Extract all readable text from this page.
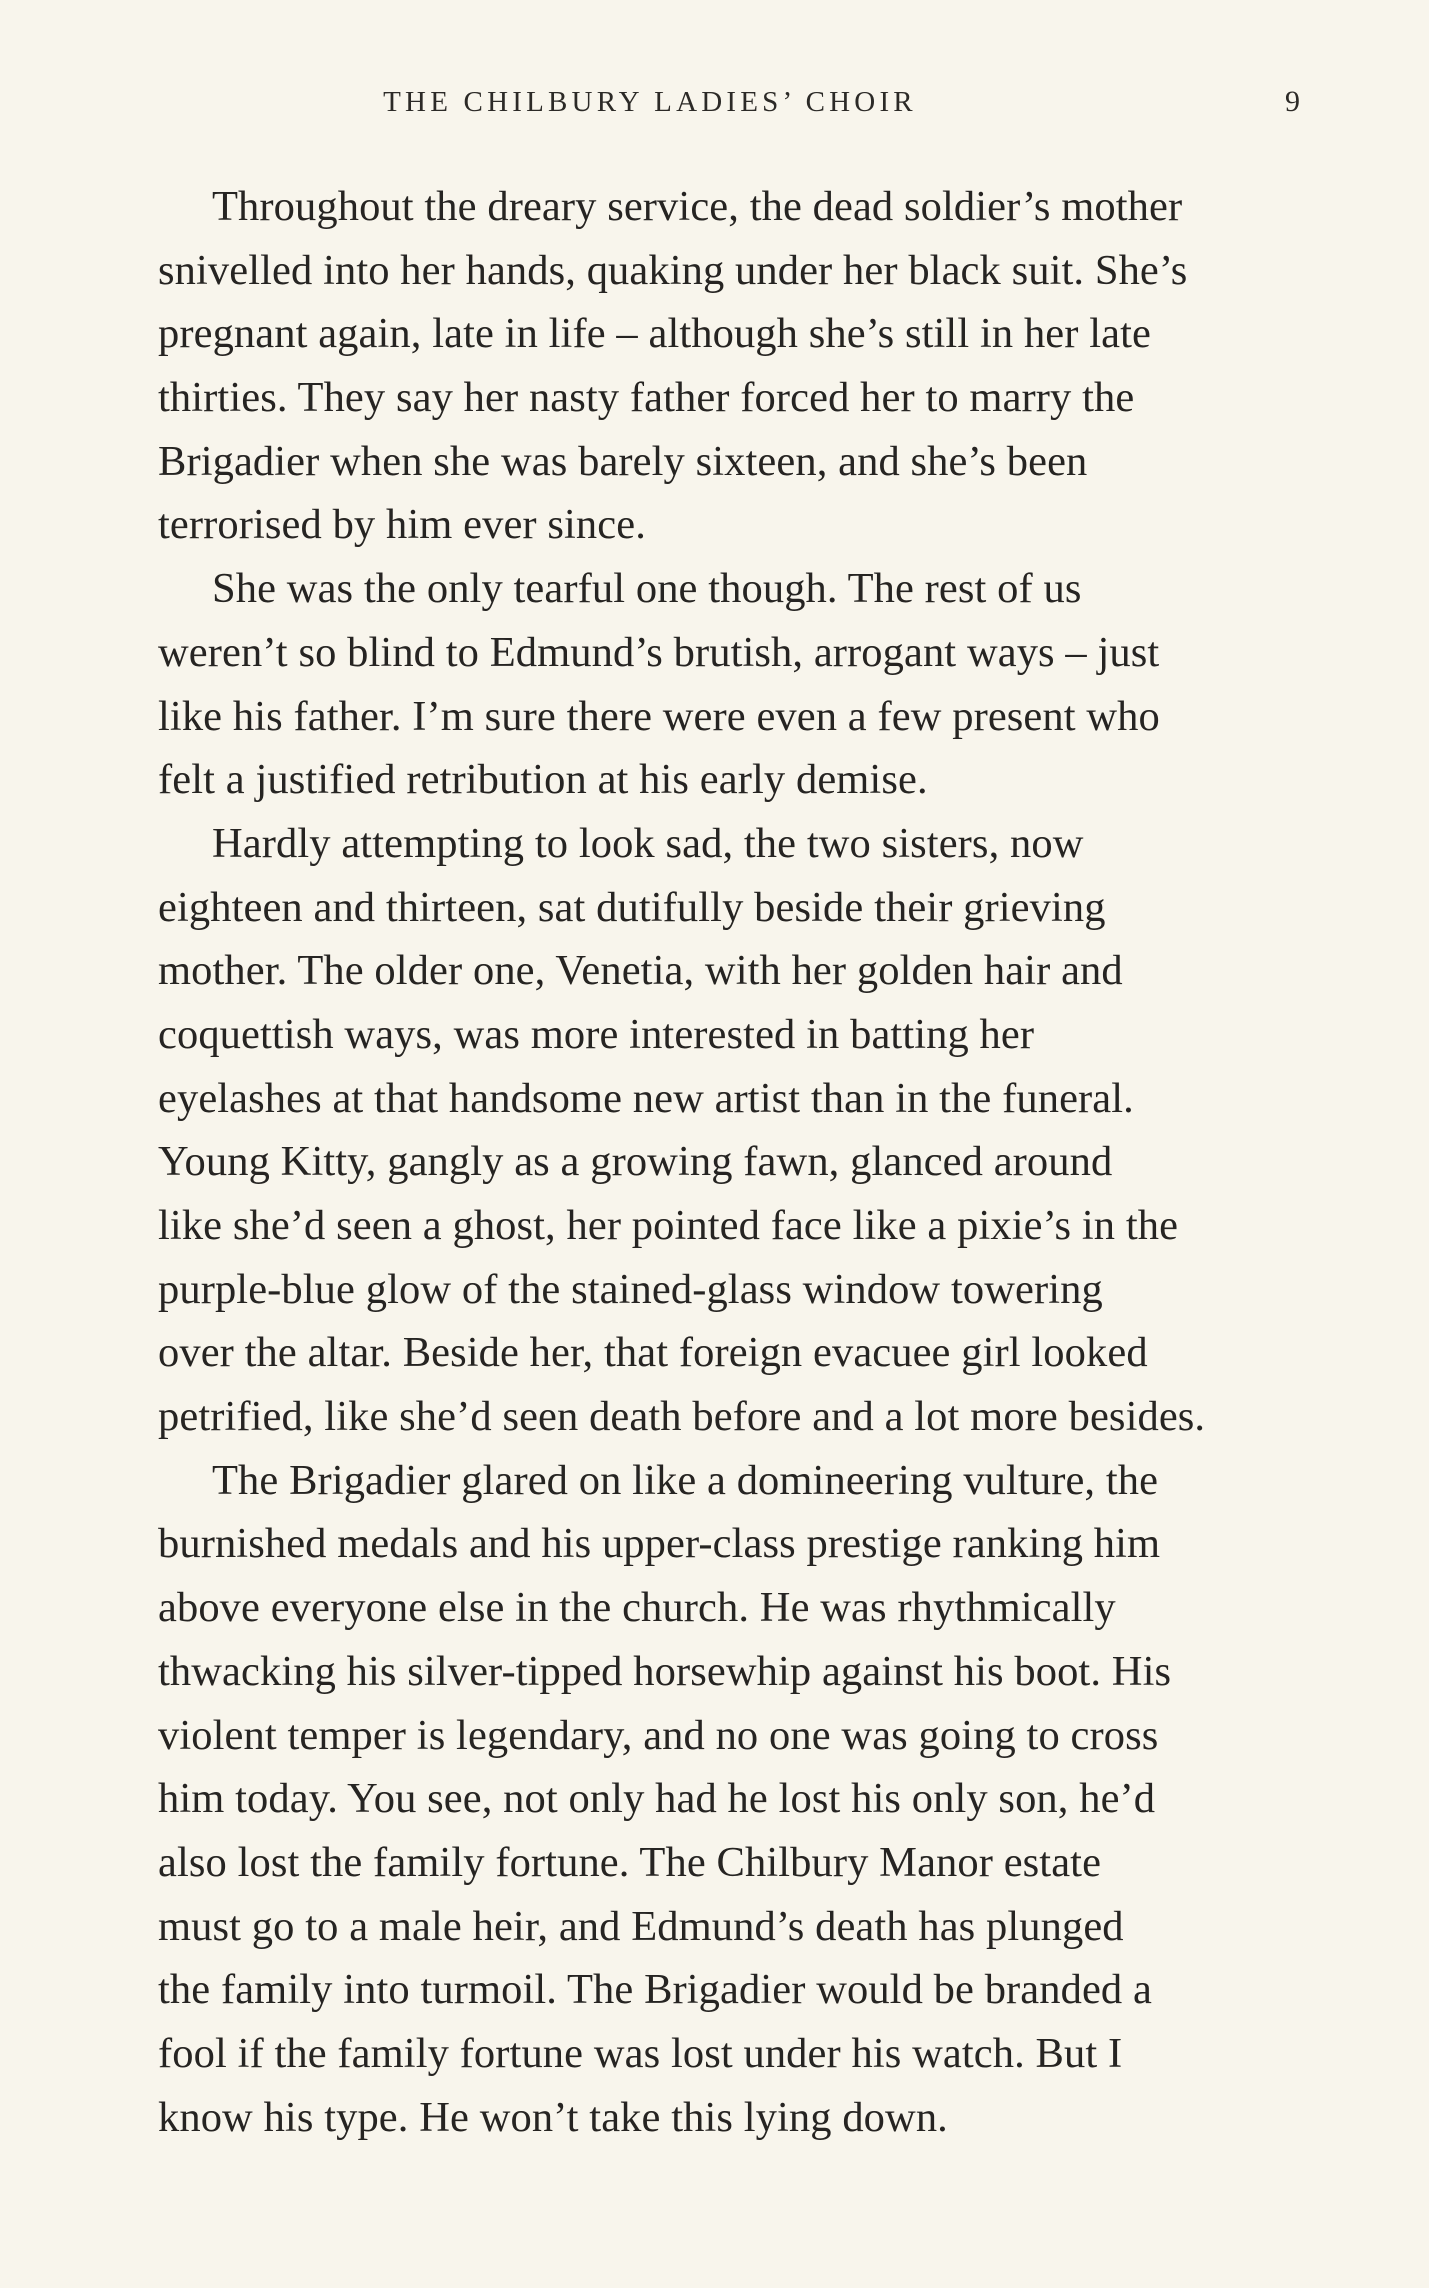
THE CHILBURY LADIES’ CHOIR	9
Throughout the dreary service, the dead soldier’s mother
snivelled into her hands, quaking under her black suit. She’s
pregnant again, late in life – although she’s still in her late
thirties. They say her nasty father forced her to marry the
Brigadier when she was barely sixteen, and she’s been
terrorised by him ever since.
She was the only tearful one though. The rest of us
weren’t so blind to Edmund’s brutish, arrogant ways – just
like his father. I’m sure there were even a few present who
felt a justified retribution at his early demise.
Hardly attempting to look sad, the two sisters, now
eighteen and thirteen, sat dutifully beside their grieving
mother. The older one, Venetia, with her golden hair and
coquettish ways, was more interested in batting her
eyelashes at that handsome new artist than in the funeral.
Young Kitty, gangly as a growing fawn, glanced around
like she’d seen a ghost, her pointed face like a pixie’s in the
purple-blue glow of the stained-glass window towering
over the altar. Beside her, that foreign evacuee girl looked
petrified, like she’d seen death before and a lot more besides.
The Brigadier glared on like a domineering vulture, the
burnished medals and his upper-class prestige ranking him
above everyone else in the church. He was rhythmically
thwacking his silver-tipped horsewhip against his boot. His
violent temper is legendary, and no one was going to cross
him today. You see, not only had he lost his only son, he’d
also lost the family fortune. The Chilbury Manor estate
must go to a male heir, and Edmund’s death has plunged
the family into turmoil. The Brigadier would be branded a
fool if the family fortune was lost under his watch. But I
know his type. He won’t take this lying down.
